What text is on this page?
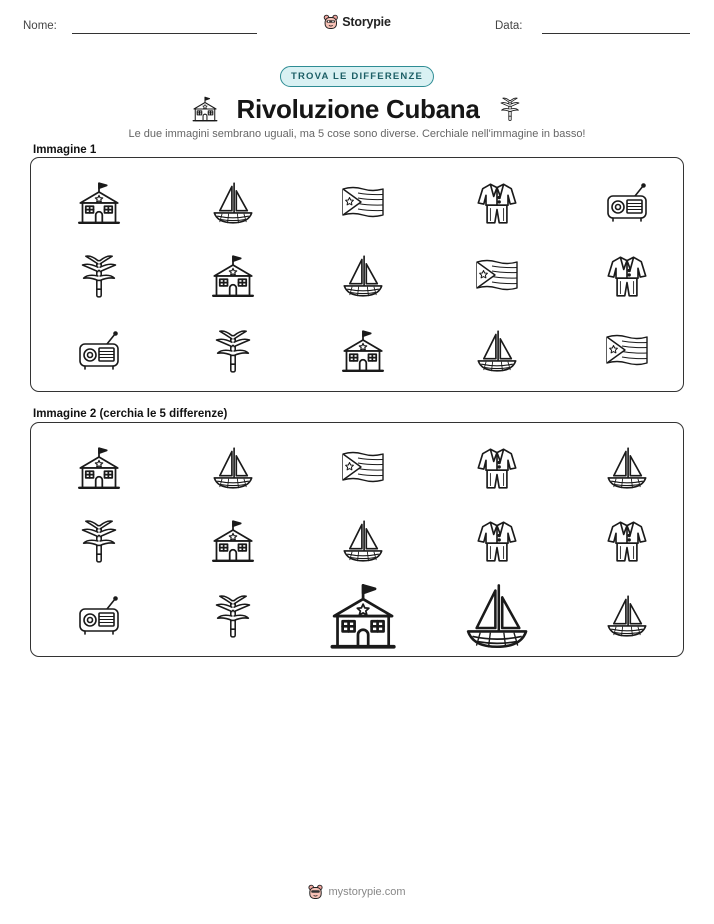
Nome:	Storypie	Data:
TROVA LE DIFFERENZE
Rivoluzione Cubana
Le due immagini sembrano uguali, ma 5 cose sono diverse. Cerchiale nell'immagine in basso!
Immagine 1
Immagine 2 (cerchia le 5 differenze)
mystorypie.com
